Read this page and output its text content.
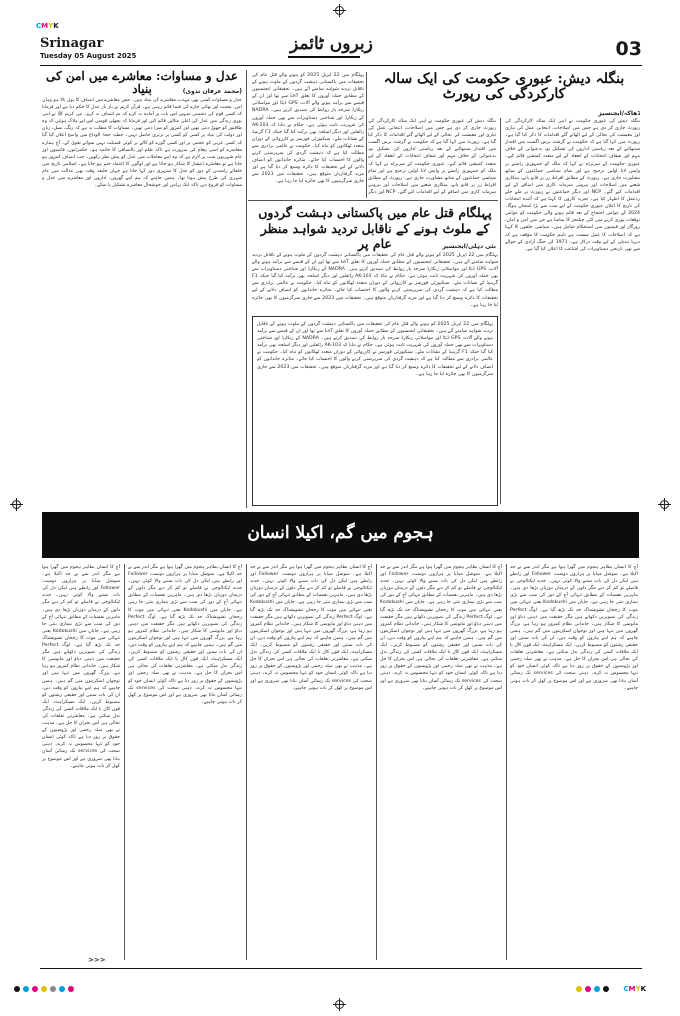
CMYK
CMYK
Srinagar
Tuesday 05 August 2025
زبروں ٹائمز	03
بنگلہ دیش: عبوری حکومت کی ایک سالہ کارکردگی کی رپورٹ
ڈھاکہ/ایجنسیز
بنگلہ دیش کی عبوری حکومت نے اپنی ایک سالہ کارکردگی کی رپورٹ جاری کر دی ہے جس میں اصلاحات، انتخابی عمل کی تیاری اور معیشت کی بحالی کے لیے اٹھائے گئے اقدامات کا ذکر کیا گیا ہے۔ رپورٹ میں کہا گیا ہے کہ حکومت نے گزشتہ برس اگست میں اقتدار سنبھالنے کے بعد ریاستی اداروں کی تشکیل نو، بدعنوانی کے خلاف مہم اور شفاف انتخابات کے انعقاد کے لیے متعدد کمیشن قائم کیے۔ عبوری حکومت کے سربراہ نے کہا کہ ملک کو جمہوری راستے پر واپس لانا اولین ترجیح ہے اور تمام سیاسی جماعتوں کے ساتھ مشاورت جاری ہے۔ رپورٹ کے مطابق افراط زر پر قابو پانے، بینکاری شعبے میں اصلاحات اور بیرونی سرمایہ کاری میں اضافے کے لیے اقدامات کیے گئے۔ NCP اور دیگر جماعتوں نے رپورٹ پر ملے جلے ردعمل کا اظہار کیا ہے۔ تجزیہ کاروں کا کہنا ہے کہ آئندہ انتخابات کی تاریخ کا اعلان عبوری حکومت کے لیے سب سے بڑا امتحان ہوگا۔ 2024 کے عوامی احتجاج کے بعد قائم ہونے والی حکومت کو عوامی توقعات پوری کرنے میں کئی چیلنجز کا سامنا ہے جن میں امن و امان، روزگار اور قیمتوں میں استحکام شامل ہیں۔ سیاسی حلقوں کا کہنا ہے کہ اصلاحات کا عمل سست ہے تاہم حکومت کا مؤقف ہے کہ دیرپا تبدیلی کے لیے وقت درکار ہے۔ 1971 کی جنگ آزادی کے حوالے سے بھی تاریخی دستاویزات کی اشاعت کا اعلان کیا گیا ہے۔
بنگلہ دیش کی عبوری حکومت نے اپنی ایک سالہ کارکردگی کی رپورٹ جاری کر دی ہے جس میں اصلاحات، انتخابی عمل کی تیاری اور معیشت کی بحالی کے لیے اٹھائے گئے اقدامات کا ذکر کیا گیا ہے۔ رپورٹ میں کہا گیا ہے کہ حکومت نے گزشتہ برس اگست میں اقتدار سنبھالنے کے بعد ریاستی اداروں کی تشکیل نو، بدعنوانی کے خلاف مہم اور شفاف انتخابات کے انعقاد کے لیے متعدد کمیشن قائم کیے۔ عبوری حکومت کے سربراہ نے کہا کہ ملک کو جمہوری راستے پر واپس لانا اولین ترجیح ہے اور تمام سیاسی جماعتوں کے ساتھ مشاورت جاری ہے۔ رپورٹ کے مطابق افراط زر پر قابو پانے، بینکاری شعبے میں اصلاحات اور بیرونی سرمایہ کاری میں اضافے کے لیے اقدامات کیے گئے۔ NCP اور دیگر
پہلگام قتل عام میں پاکستانی دہشت گردوں کے ملوث ہونے کے ناقابل تردید شواہد منظر عام پر	نئی دہلی/ایجنسیز
پہلگام میں 22 اپریل 2025 کو ہونے والے قتل عام کی تحقیقات میں پاکستانی دہشت گردوں کے ملوث ہونے کے ناقابل تردید شواہد سامنے آئے ہیں۔ تحقیقاتی ایجنسیوں کے مطابق حملہ آوروں کا تعلق LeT سے تھا اور ان کے قبضے سے برآمد ہونے والے آلات، GPS ڈیٹا اور مواصلاتی ریکارڈ سرحد پار روابط کی تصدیق کرتے ہیں۔ NADRA کے ریکارڈ اور شناختی دستاویزات سے بھی حملہ آوروں کی شہریت ثابت ہوئی ہے۔ حکام نے بتایا کہ AK-103 رائفلیں اور دیگر اسلحہ بھی برآمد کیا گیا جبکہ F1 گرینیڈ کے نشانات ملے۔ سیکیورٹی فورسز نے کارروائی کے دوران متعدد ٹھکانوں کو تباہ کیا۔ حکومت نے عالمی برادری سے مطالبہ کیا ہے کہ دہشت گردی کی سرپرستی کرنے والوں کا احتساب کیا جائے۔ متاثرہ خاندانوں کو انصاف دلانے کے لیے تحقیقات کا دائرہ وسیع کر دیا گیا ہے اور مزید گرفتاریاں متوقع ہیں۔ تحقیقات میں 2023 سے جاری سرگرمیوں کا بھی جائزہ لیا جا رہا ہے۔
پہلگام میں 22 اپریل 2025 کو ہونے والے قتل عام کی تحقیقات میں پاکستانی دہشت گردوں کے ملوث ہونے کے ناقابل تردید شواہد سامنے آئے ہیں۔ تحقیقاتی ایجنسیوں کے مطابق حملہ آوروں کا تعلق LeT سے تھا اور ان کے قبضے سے برآمد ہونے والے آلات، GPS ڈیٹا اور مواصلاتی ریکارڈ سرحد پار روابط کی تصدیق کرتے ہیں۔ NADRA کے ریکارڈ اور شناختی دستاویزات سے بھی حملہ آوروں کی شہریت ثابت ہوئی ہے۔ حکام نے بتایا کہ AK-103 رائفلیں اور دیگر اسلحہ بھی برآمد کیا گیا جبکہ F1 گرینیڈ کے نشانات ملے۔ سیکیورٹی فورسز نے کارروائی کے دوران متعدد ٹھکانوں کو تباہ کیا۔ حکومت نے عالمی برادری سے مطالبہ کیا ہے کہ دہشت گردی کی سرپرستی کرنے والوں کا احتساب کیا جائے۔ متاثرہ خاندانوں کو انصاف دلانے کے لیے تحقیقات کا دائرہ وسیع کر دیا گیا ہے اور مزید گرفتاریاں متوقع ہیں۔ تحقیقات میں 2023 سے جاری سرگرمیوں کا بھی جائزہ لیا جا رہا ہے۔
پہلگام میں 22 اپریل 2025 کو ہونے والے قتل عام کی تحقیقات میں پاکستانی دہشت گردوں کے ملوث ہونے کے ناقابل تردید شواہد سامنے آئے ہیں۔ تحقیقاتی ایجنسیوں کے مطابق حملہ آوروں کا تعلق LeT سے تھا اور ان کے قبضے سے برآمد ہونے والے آلات، GPS ڈیٹا اور مواصلاتی ریکارڈ سرحد پار روابط کی تصدیق کرتے ہیں۔ NADRA کے ریکارڈ اور شناختی دستاویزات سے بھی حملہ آوروں کی شہریت ثابت ہوئی ہے۔ حکام نے بتایا کہ AK-103 رائفلیں اور دیگر اسلحہ بھی برآمد کیا گیا جبکہ F1 گرینیڈ کے نشانات ملے۔ سیکیورٹی فورسز نے کارروائی کے دوران متعدد ٹھکانوں کو تباہ کیا۔ حکومت نے عالمی برادری سے مطالبہ کیا ہے کہ دہشت گردی کی سرپرستی کرنے والوں کا احتساب کیا جائے۔ متاثرہ خاندانوں کو انصاف دلانے کے لیے تحقیقات کا دائرہ وسیع کر دیا گیا ہے اور مزید گرفتاریاں متوقع ہیں۔ تحقیقات میں 2023 سے جاری سرگرمیوں کا بھی جائزہ لیا جا رہا ہے۔
عدل و مساوات: معاشرے میں امن کی بنیاد	(محمد عرفان ندوی)
عدل و مساوات کسی بھی مہذب معاشرے کی بنیاد ہیں۔ جس معاشرے میں انصاف کا بول بالا ہو وہاں امن، محبت اور بھائی چارے کی فضا قائم رہتی ہے۔ قرآن کریم نے بار بار عدل کا حکم دیا ہے اور فرمایا کہ کسی قوم کی دشمنی تمہیں اس بات پر آمادہ نہ کرے کہ تم انصاف نہ کرو۔ نبی کریم ﷺ نے اپنی پوری زندگی میں عدل کی اعلیٰ مثالیں قائم کیں اور فرمایا کہ پچھلی قومیں اس لیے ہلاک ہوئیں کہ وہ طاقتور کو چھوڑ دیتی تھیں اور کمزور کو سزا دیتی تھیں۔ مساوات کا مطلب یہ ہے کہ رنگ، نسل، زبان اور دولت کی بنیاد پر کسی کو کسی پر برتری حاصل نہیں۔ خطبہ حجۃ الوداع میں واضح اعلان کیا گیا کہ کسی عربی کو عجمی پر اور کسی گورے کو کالے پر کوئی فضیلت نہیں سوائے تقویٰ کے۔ آج ہمارے معاشرے کو اسی پیغام کی ضرورت ہے تاکہ ظلم اور ناانصافی کا خاتمہ ہو۔ حکمرانوں، قاضیوں اور عام شہریوں سب پر لازم ہے کہ وہ اپنے معاملات میں عدل کو پیش نظر رکھیں۔ جب انصاف کمزور ہو جاتا ہے تو معاشرہ انتشار کا شکار ہو جاتا ہے اور لوگوں کا اعتماد ختم ہو جاتا ہے۔ اسلامی تاریخ میں خلفائے راشدین کے دور کو عدل کا سنہری دور کہا جاتا ہے جہاں خلیفہ وقت بھی عدالت میں عام شہری کی طرح پیش ہوتا تھا۔ ہمیں چاہیے کہ ہم اپنے گھروں، اداروں اور معاشرے میں عدل و مساوات کو فروغ دیں تاکہ ایک پرامن اور خوشحال معاشرہ تشکیل پا سکے۔
ہجوم میں گم، اکیلا انسان
آج کا انسان بظاہر ہجوم میں گھرا ہوا ہے مگر اندر سے بے حد اکیلا ہے۔ سوشل میڈیا پر ہزاروں دوست، Follower اور رابطے ہیں لیکن دل کی بات سننے والا کوئی نہیں۔ جدید ٹیکنالوجی نے فاصلے تو کم کر دیے مگر دلوں کے درمیان دوریاں بڑھا دی ہیں۔ ماہرین نفسیات کے مطابق تنہائی آج کے دور کی سب سے بڑی بیماری بنتی جا رہی ہے۔ جاپان میں Kodokushi یعنی تنہائی میں موت کا رجحان تشویشناک حد تک بڑھ گیا ہے۔ لوگ Perfect زندگی کی تصویریں دکھاتے ہیں مگر حقیقت میں ذہنی دباؤ اور مایوسی کا شکار ہیں۔ خاندانی نظام کمزور ہو رہا ہے، بزرگ گھروں میں تنہا ہیں اور نوجوان اسکرینوں میں گم ہیں۔ ہمیں چاہیے کہ ہم اپنے پیاروں کو وقت دیں، ان کی بات سنیں اور حقیقی رشتوں کو مضبوط کریں۔ ایک مسکراہٹ، ایک فون کال یا ایک ملاقات کسی کی زندگی بدل سکتی ہے۔ معاشرتی تعلقات کی بحالی ہی اس بحران کا حل ہے۔ مذہب نے بھی صلہ رحمی اور پڑوسیوں کے حقوق پر زور دیا ہے تاکہ کوئی انسان خود کو تنہا محسوس نہ کرے۔ ذہنی صحت کی services تک رسائی آسان بنانا بھی ضروری ہے اور اس موضوع پر کھل کر بات ہونی چاہیے۔
آج کا انسان بظاہر ہجوم میں گھرا ہوا ہے مگر اندر سے بے حد اکیلا ہے۔ سوشل میڈیا پر ہزاروں دوست، Follower اور رابطے ہیں لیکن دل کی بات سننے والا کوئی نہیں۔ جدید ٹیکنالوجی نے فاصلے تو کم کر دیے مگر دلوں کے درمیان دوریاں بڑھا دی ہیں۔ ماہرین نفسیات کے مطابق تنہائی آج کے دور کی سب سے بڑی بیماری بنتی جا رہی ہے۔ جاپان میں Kodokushi یعنی تنہائی میں موت کا رجحان تشویشناک حد تک بڑھ گیا ہے۔ لوگ Perfect زندگی کی تصویریں دکھاتے ہیں مگر حقیقت میں ذہنی دباؤ اور مایوسی کا شکار ہیں۔ خاندانی نظام کمزور ہو رہا ہے، بزرگ گھروں میں تنہا ہیں اور نوجوان اسکرینوں میں گم ہیں۔ ہمیں چاہیے کہ ہم اپنے پیاروں کو وقت دیں، ان کی بات سنیں اور حقیقی رشتوں کو مضبوط کریں۔ ایک مسکراہٹ، ایک فون کال یا ایک ملاقات کسی کی زندگی بدل سکتی ہے۔ معاشرتی تعلقات کی بحالی ہی اس بحران کا حل ہے۔ مذہب نے بھی صلہ رحمی اور پڑوسیوں کے حقوق پر زور دیا ہے تاکہ کوئی انسان خود کو تنہا محسوس نہ کرے۔ ذہنی صحت کی services تک رسائی آسان بنانا بھی ضروری ہے اور اس موضوع پر کھل کر بات ہونی چاہیے۔
آج کا انسان بظاہر ہجوم میں گھرا ہوا ہے مگر اندر سے بے حد اکیلا ہے۔ سوشل میڈیا پر ہزاروں دوست، Follower اور رابطے ہیں لیکن دل کی بات سننے والا کوئی نہیں۔ جدید ٹیکنالوجی نے فاصلے تو کم کر دیے مگر دلوں کے درمیان دوریاں بڑھا دی ہیں۔ ماہرین نفسیات کے مطابق تنہائی آج کے دور کی سب سے بڑی بیماری بنتی جا رہی ہے۔ جاپان میں Kodokushi یعنی تنہائی میں موت کا رجحان تشویشناک حد تک بڑھ گیا ہے۔ لوگ Perfect زندگی کی تصویریں دکھاتے ہیں مگر حقیقت میں ذہنی دباؤ اور مایوسی کا شکار ہیں۔ خاندانی نظام کمزور ہو رہا ہے، بزرگ گھروں میں تنہا ہیں اور نوجوان اسکرینوں میں گم ہیں۔ ہمیں چاہیے کہ ہم اپنے پیاروں کو وقت دیں، ان کی بات سنیں اور حقیقی رشتوں کو مضبوط کریں۔ ایک مسکراہٹ، ایک فون کال یا ایک ملاقات کسی کی زندگی بدل سکتی ہے۔ معاشرتی تعلقات کی بحالی ہی اس بحران کا حل ہے۔ مذہب نے بھی صلہ رحمی اور پڑوسیوں کے حقوق پر زور دیا ہے تاکہ کوئی انسان خود کو تنہا محسوس نہ کرے۔ ذہنی صحت کی services تک رسائی آسان بنانا بھی ضروری ہے اور اس موضوع پر کھل کر بات ہونی چاہیے۔
آج کا انسان بظاہر ہجوم میں گھرا ہوا ہے مگر اندر سے بے حد اکیلا ہے۔ سوشل میڈیا پر ہزاروں دوست، Follower اور رابطے ہیں لیکن دل کی بات سننے والا کوئی نہیں۔ جدید ٹیکنالوجی نے فاصلے تو کم کر دیے مگر دلوں کے درمیان دوریاں بڑھا دی ہیں۔ ماہرین نفسیات کے مطابق تنہائی آج کے دور کی سب سے بڑی بیماری بنتی جا رہی ہے۔ جاپان میں Kodokushi یعنی تنہائی میں موت کا رجحان تشویشناک حد تک بڑھ گیا ہے۔ لوگ Perfect زندگی کی تصویریں دکھاتے ہیں مگر حقیقت میں ذہنی دباؤ اور مایوسی کا شکار ہیں۔ خاندانی نظام کمزور ہو رہا ہے، بزرگ گھروں میں تنہا ہیں اور نوجوان اسکرینوں میں گم ہیں۔ ہمیں چاہیے کہ ہم اپنے پیاروں کو وقت دیں، ان کی بات سنیں اور حقیقی رشتوں کو مضبوط کریں۔ ایک مسکراہٹ، ایک فون کال یا ایک ملاقات کسی کی زندگی بدل سکتی ہے۔ معاشرتی تعلقات کی بحالی ہی اس بحران کا حل ہے۔ مذہب نے بھی صلہ رحمی اور پڑوسیوں کے حقوق پر زور دیا ہے تاکہ کوئی انسان خود کو تنہا محسوس نہ کرے۔ ذہنی صحت کی services تک رسائی آسان بنانا بھی ضروری ہے اور اس موضوع پر کھل کر بات ہونی چاہیے۔
آج کا انسان بظاہر ہجوم میں گھرا ہوا ہے مگر اندر سے بے حد اکیلا ہے۔ سوشل میڈیا پر ہزاروں دوست، Follower اور رابطے ہیں لیکن دل کی بات سننے والا کوئی نہیں۔ جدید ٹیکنالوجی نے فاصلے تو کم کر دیے مگر دلوں کے درمیان دوریاں بڑھا دی ہیں۔ ماہرین نفسیات کے مطابق تنہائی آج کے دور کی سب سے بڑی بیماری بنتی جا رہی ہے۔ جاپان میں Kodokushi یعنی تنہائی میں موت کا رجحان تشویشناک حد تک بڑھ گیا ہے۔ لوگ Perfect زندگی کی تصویریں دکھاتے ہیں مگر حقیقت میں ذہنی دباؤ اور مایوسی کا شکار ہیں۔ خاندانی نظام کمزور ہو رہا ہے، بزرگ گھروں میں تنہا ہیں اور نوجوان اسکرینوں میں گم ہیں۔ ہمیں چاہیے کہ ہم اپنے پیاروں کو وقت دیں، ان کی بات سنیں اور حقیقی رشتوں کو مضبوط کریں۔ ایک مسکراہٹ، ایک فون کال یا ایک ملاقات کسی کی زندگی بدل سکتی ہے۔ معاشرتی تعلقات کی بحالی ہی اس بحران کا حل ہے۔ مذہب نے بھی صلہ رحمی اور پڑوسیوں کے حقوق پر زور دیا ہے تاکہ کوئی انسان خود کو تنہا محسوس نہ کرے۔ ذہنی صحت کی services تک رسائی آسان بنانا بھی ضروری ہے اور اس موضوع پر کھل کر بات ہونی چاہیے۔
>>>
